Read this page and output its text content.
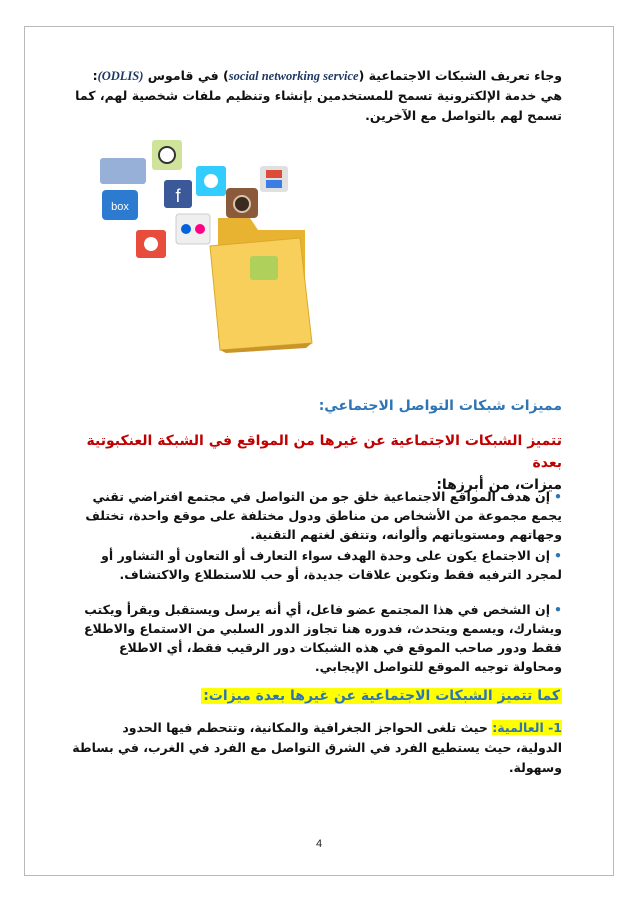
وجاء تعريف الشبكات الاجتماعية (social networking service) في قاموس (ODLIS): هي خدمة الإلكترونية تسمح للمستخدمين بإنشاء وتنظيم ملفات شخصية لهم، كما تسمح لهم بالتواصل مع الآخرين.
box
f
مميزات شبكات التواصل الاجتماعي:
تتميز الشبكات الاجتماعية عن غيرها من المواقع في الشبكة العنكبوتية بعدة
ميزات، من أبرزها:
•إن هدف المواقع الاجتماعية خلق جو من التواصل في مجتمع افتراضي تقني يجمع مجموعة من الأشخاص من مناطق ودول مختلفة على موقع واحدة، تختلف وجهاتهم ومستوياتهم وألوانه، وتتفق لغتهم التقنية.
•إن الاجتماع يكون على وحدة الهدف سواء التعارف أو التعاون أو التشاور أو لمجرد الترفيه فقط وتكوين علاقات جديدة، أو حب للاستطلاع والاكتشاف.
•إن الشخص في هذا المجتمع عضو فاعل، أي أنه يرسل ويستقبل ويقرأ ويكتب ويشارك، ويسمع ويتحدث، فدوره هنا تجاوز الدور السلبي من الاستماع والاطلاع فقط ودور صاحب الموقع في هذه الشبكات دور الرقيب فقط، أي الاطلاع ومحاولة توجيه الموقع للتواصل الإيجابي.
كما تتميز الشبكات الاجتماعية عن غيرها بعدة ميزات:
1- العالمية: حيث تلغى الحواجز الجغرافية والمكانية، وتتحطم فيها الحدود الدولية، حيث يستطيع الفرد في الشرق التواصل مع الفرد في الغرب، في بساطة وسهولة.
4
